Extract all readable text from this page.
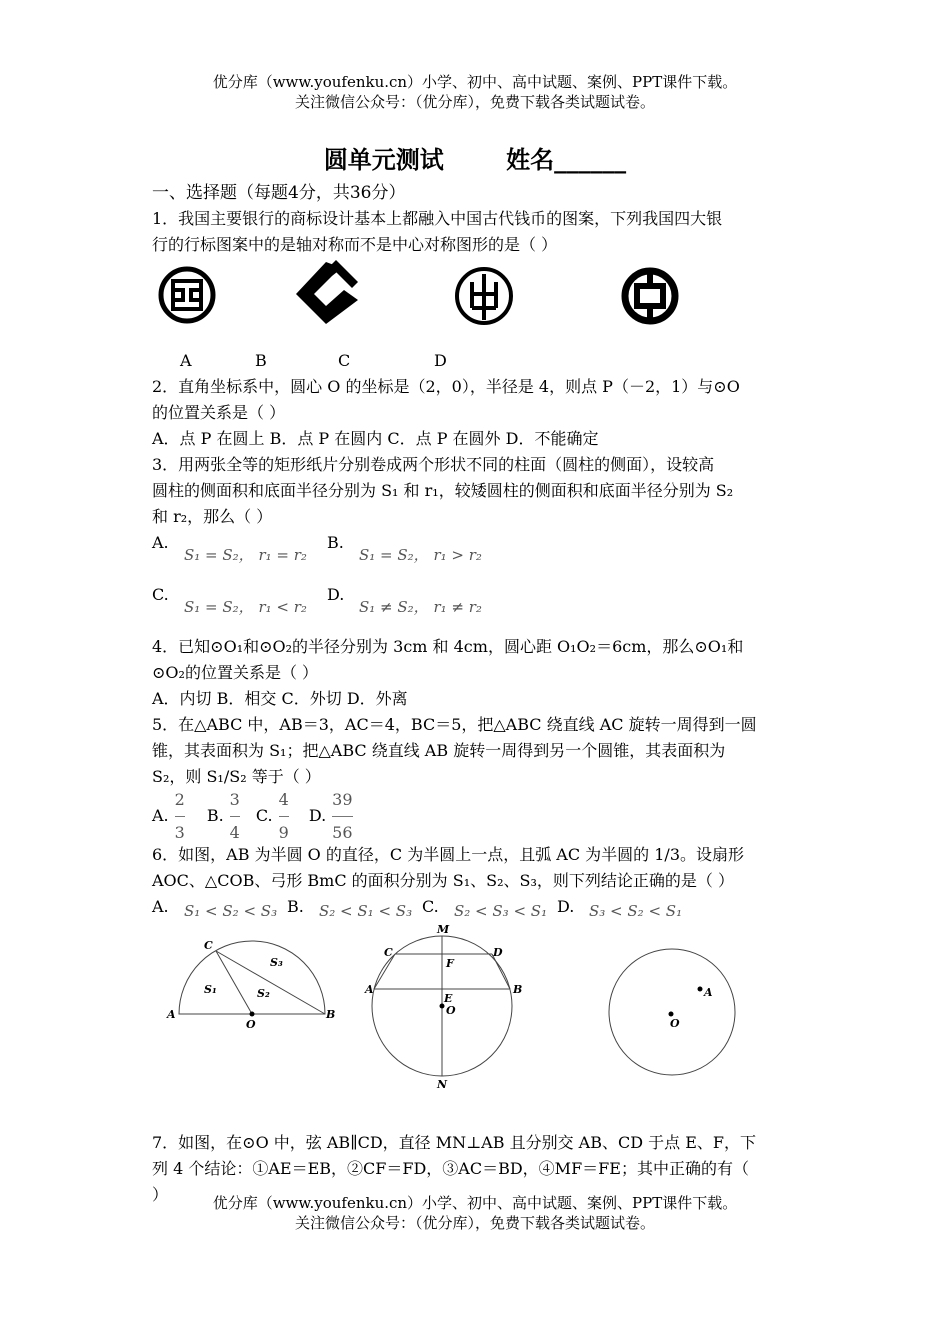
优分库（www.youfenku.cn）小学、初中、高中试题、案例、PPT课件下载。
关注微信公众号：（优分库），免费下载各类试题试卷。
圆单元测试	姓名______
一、选择题（每题4分，共36分）
1．我国主要银行的商标设计基本上都融入中国古代钱币的图案，下列我国四大银
行的行标图案中的是轴对称而不是中心对称图形的是（ ）
A	B	C	D
2．直角坐标系中，圆心 O 的坐标是（2，0），半径是 4，则点 P（－2，1）与⊙O
的位置关系是（ ）
A．点 P 在圆上 B．点 P 在圆内 C．点 P 在圆外 D．不能确定
3．用两张全等的矩形纸片分别卷成两个形状不同的柱面（圆柱的侧面），设较高
圆柱的侧面积和底面半径分别为 S₁ 和 r₁，较矮圆柱的侧面积和底面半径分别为 S₂
和 r₂，那么（ ）
A.
S₁ = S₂， r₁ = r₂
B.
S₁ = S₂， r₁ > r₂
C.
S₁ = S₂， r₁ < r₂
D.
S₁ ≠ S₂， r₁ ≠ r₂
4．已知⊙O₁和⊙O₂的半径分别为 3cm 和 4cm，圆心距 O₁O₂＝6cm，那么⊙O₁和
⊙O₂的位置关系是（ ）
A．内切 B．相交 C．外切 D．外离
5．在△ABC 中，AB＝3，AC＝4，BC＝5，把△ABC 绕直线 AC 旋转一周得到一圆
锥，其表面积为 S₁；把△ABC 绕直线 AB 旋转一周得到另一个圆锥，其表面积为
S₂，则 S₁/S₂ 等于（ ）
A. $\frac{2}{3} B$. $\frac{3}{4} C$. $\frac{4}{9} D$. $\frac{39}{56}$
6．如图，AB 为半圆 O 的直径，C 为半圆上一点，且弧 AC 为半圆的 1/3。设扇形
AOC、△COB、弓形 BmC 的面积分别为 S₁、S₂、S₃，则下列结论正确的是（ ）
A.	S₁ < S₂ < S₃ B.	S₂ < S₁ < S₃ C.	S₂ < S₃ < S₁ D. S₃ < S₂ < S₁
C
S₁	S₂
S₃
A
O
B
M
C	D
F
A	B
E
O
N
A
O
7．如图，在⊙O 中，弦 AB∥CD，直径 MN⊥AB 且分别交 AB、CD 于点 E、F，下
列 4 个结论：①AE＝EB，②CF＝FD，③AC＝BD，④MF＝FE；其中正确的有（
）	优分库（www.youfenku.cn）小学、初中、高中试题、案例、PPT课件下载。
关注微信公众号：（优分库），免费下载各类试题试卷。
